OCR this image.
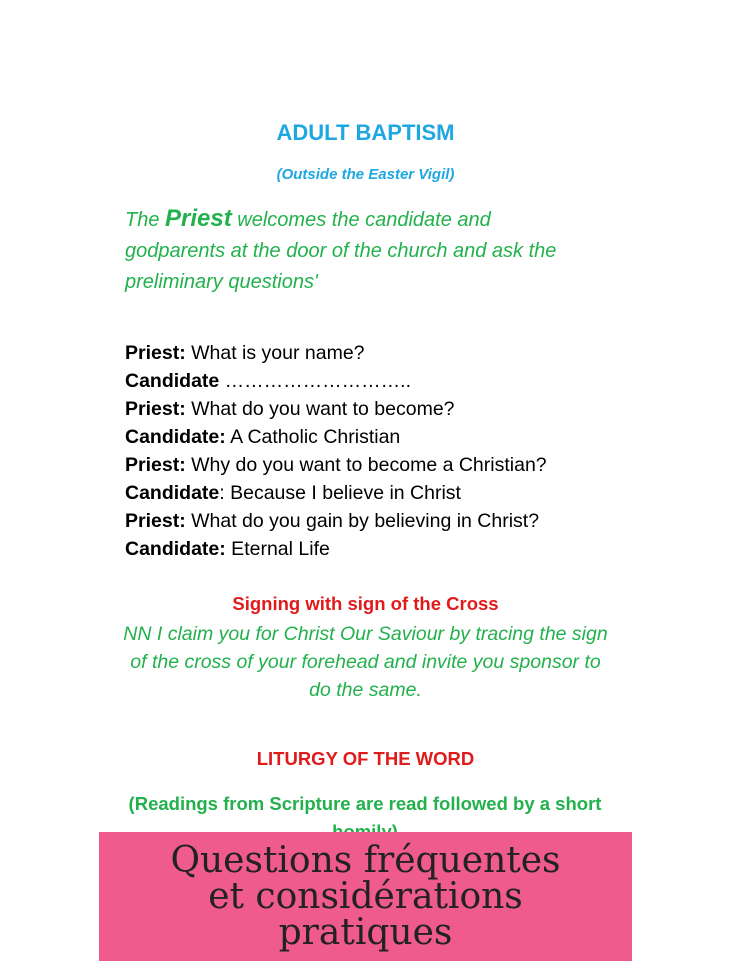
ADULT BAPTISM
(Outside the Easter Vigil)
The Priest welcomes the candidate and godparents at the door of the church and ask the preliminary questions'
Priest: What is your name?
Candidate ………………………..
Priest: What do you want to become?
Candidate: A Catholic Christian
Priest: Why do you want to become a Christian?
Candidate: Because I believe in Christ
Priest: What do you gain by believing in Christ?
Candidate: Eternal Life
Signing with sign of the Cross
NN I claim you for Christ Our Saviour by tracing the sign of the cross of your forehead and invite you sponsor to do the same.
LITURGY OF THE WORD
(Readings from Scripture are read followed by a short
Questions fréquentes et considérations pratiques
